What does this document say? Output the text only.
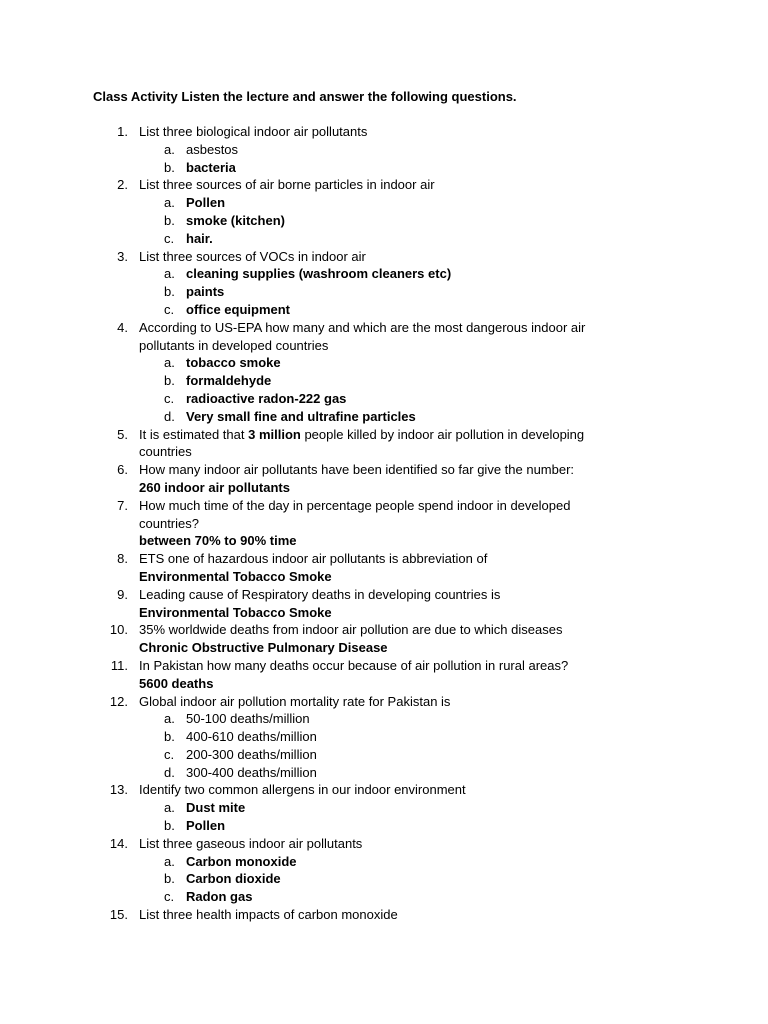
Class Activity Listen the lecture and answer the following questions.
1. List three biological indoor air pollutants
a. asbestos
b. bacteria
2. List three sources of air borne particles in indoor air
a. Pollen
b. smoke (kitchen)
c. hair.
3. List three sources of VOCs in indoor air
a. cleaning supplies (washroom cleaners etc)
b. paints
c. office equipment
4. According to US-EPA how many and which are the most dangerous indoor air
pollutants in developed countries
a. tobacco smoke
b. formaldehyde
c. radioactive radon-222 gas
d. Very small fine and ultrafine particles
5. It is estimated that 3 million people killed by indoor air pollution in developing
countries
6. How many indoor air pollutants have been identified so far give the number:
260 indoor air pollutants
7. How much time of the day in percentage people spend indoor in developed
countries?
between 70% to 90% time
8. ETS one of hazardous indoor air pollutants is abbreviation of
Environmental Tobacco Smoke
9. Leading cause of Respiratory deaths in developing countries is
Environmental Tobacco Smoke
10. 35% worldwide deaths from indoor air pollution are due to which diseases
Chronic Obstructive Pulmonary Disease
11. In Pakistan how many deaths occur because of air pollution in rural areas?
5600 deaths
12. Global indoor air pollution mortality rate for Pakistan is
a. 50-100 deaths/million
b. 400-610 deaths/million
c. 200-300 deaths/million
d. 300-400 deaths/million
13. Identify two common allergens in our indoor environment
a. Dust mite
b. Pollen
14. List three gaseous indoor air pollutants
a. Carbon monoxide
b. Carbon dioxide
c. Radon gas
15. List three health impacts of carbon monoxide
